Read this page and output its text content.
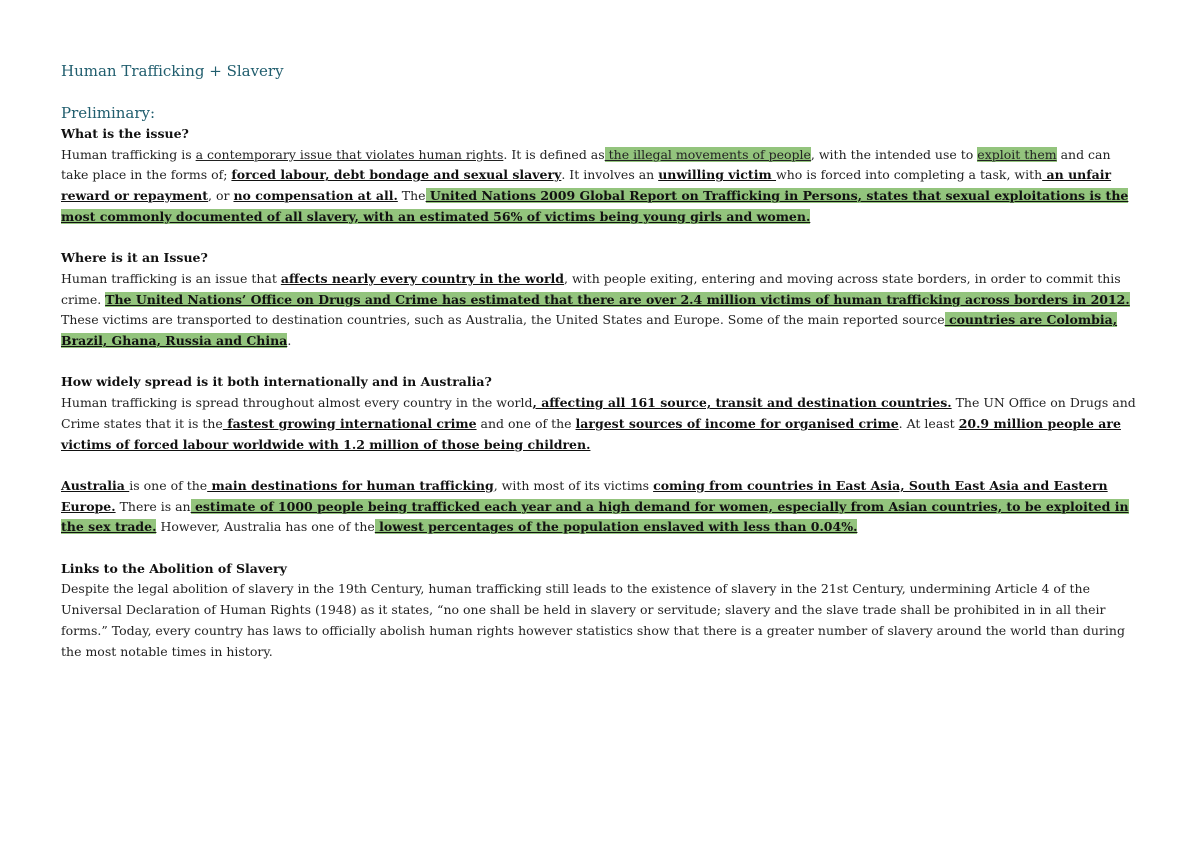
Human Trafficking + Slavery
Preliminary:
What is the issue?
Human trafficking is a contemporary issue that violates human rights. It is defined as the illegal movements of people, with the intended use to exploit them and can take place in the forms of; forced labour, debt bondage and sexual slavery. It involves an unwilling victim who is forced into completing a task, with an unfair reward or repayment, or no compensation at all. The United Nations 2009 Global Report on Trafficking in Persons, states that sexual exploitations is the most commonly documented of all slavery, with an estimated 56% of victims being young girls and women.
Where is it an Issue?
Human trafficking is an issue that affects nearly every country in the world, with people exiting, entering and moving across state borders, in order to commit this crime. The United Nations’ Office on Drugs and Crime has estimated that there are over 2.4 million victims of human trafficking across borders in 2012. These victims are transported to destination countries, such as Australia, the United States and Europe. Some of the main reported source countries are Colombia, Brazil, Ghana, Russia and China.
How widely spread is it both internationally and in Australia?
Human trafficking is spread throughout almost every country in the world, affecting all 161 source, transit and destination countries. The UN Office on Drugs and Crime states that it is the fastest growing international crime and one of the largest sources of income for organised crime. At least 20.9 million people are victims of forced labour worldwide with 1.2 million of those being children.
Australia is one of the main destinations for human trafficking, with most of its victims coming from countries in East Asia, South East Asia and Eastern Europe. There is an estimate of 1000 people being trafficked each year and a high demand for women, especially from Asian countries, to be exploited in the sex trade. However, Australia has one of the lowest percentages of the population enslaved with less than 0.04%.
Links to the Abolition of Slavery
Despite the legal abolition of slavery in the 19th Century, human trafficking still leads to the existence of slavery in the 21st Century, undermining Article 4 of the Universal Declaration of Human Rights (1948) as it states, “no one shall be held in slavery or servitude; slavery and the slave trade shall be prohibited in in all their forms.” Today, every country has laws to officially abolish human rights however statistics show that there is a greater number of slavery around the world than during the most notable times in history.
